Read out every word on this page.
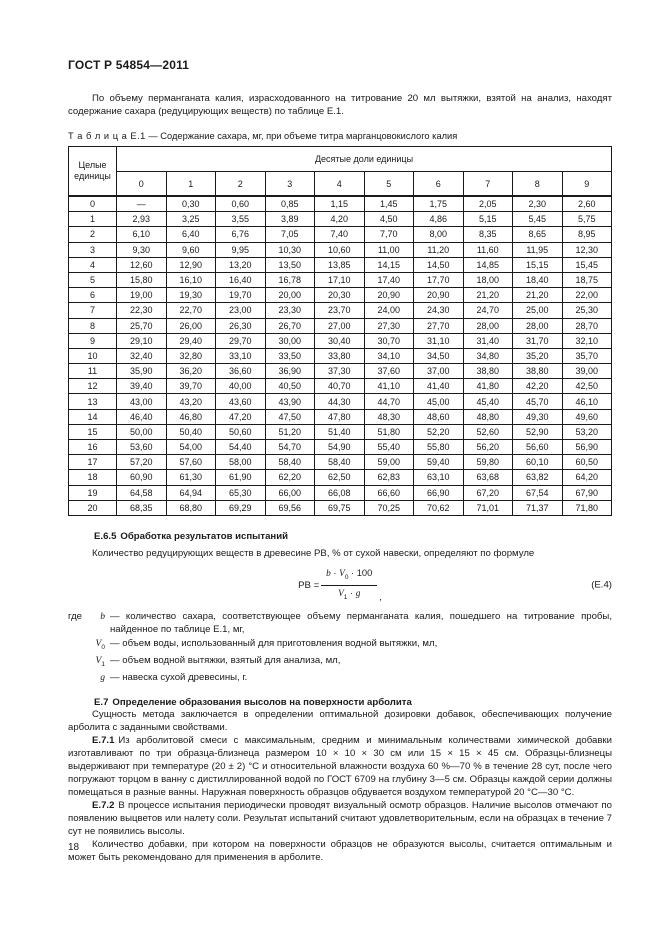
ГОСТ Р 54854—2011

По объему перманганата калия, израсходованного на титрование 20 мл вытяжки, взятой на анализ, находят содержание сахара (редуцирующих веществ) по таблице Е.1.

Т а б л и ц а Е.1 — Содержание сахара, мг, при объеме титра марганцовокислого калия

Целые единицы	Десятые доли единицы									
	0	1	2	3	4	5	6	7	8	9
0	—	0,30	0,60	0,85	1,15	1,45	1,75	2,05	2,30	2,60
1	2,93	3,25	3,55	3,89	4,20	4,50	4,86	5,15	5,45	5,75
2	6,10	6,40	6,76	7,05	7,40	7,70	8,00	8,35	8,65	8,95
3	9,30	9,60	9,95	10,30	10,60	11,00	11,20	11,60	11,95	12,30
4	12,60	12,90	13,20	13,50	13,85	14,15	14,50	14,85	15,15	15,45
5	15,80	16,10	16,40	16,78	17,10	17,40	17,70	18,00	18,40	18,75
6	19,00	19,30	19,70	20,00	20,30	20,90	20,90	21,20	21,20	22,00
7	22,30	22,70	23,00	23,30	23,70	24,00	24,30	24,70	25,00	25,30
8	25,70	26,00	26,30	26,70	27,00	27,30	27,70	28,00	28,00	28,70
9	29,10	29,40	29,70	30,00	30,40	30,70	31,10	31,40	31,70	32,10
10	32,40	32,80	33,10	33,50	33,80	34,10	34,50	34,80	35,20	35,70
11	35,90	36,20	36,60	36,90	37,30	37,60	37,00	38,80	38,80	39,00
12	39,40	39,70	40,00	40,50	40,70	41,10	41,40	41,80	42,20	42,50
13	43,00	43,20	43,60	43,90	44,30	44,70	45,00	45,40	45,70	46,10
14	46,40	46,80	47,20	47,50	47,80	48,30	48,60	48,80	49,30	49,60
15	50,00	50,40	50,60	51,20	51,40	51,80	52,20	52,60	52,90	53,20
16	53,60	54,00	54,40	54,70	54,90	55,40	55,80	56,20	56,60	56,90
17	57,20	57,60	58,00	58,40	58,40	59,00	59,40	59,80	60,10	60,50
18	60,90	61,30	61,90	62,20	62,50	62,83	63,10	63,68	63,82	64,20
19	64,58	64,94	65,30	66,00	66,08	66,60	66,90	67,20	67,54	67,90
20	68,35	68,80	69,29	69,56	69,75	70,25	70,62	71,01	71,37	71,80
Е.6.5 Обработка результатов испытаний

Количество редуцирующих веществ в древесине РВ, % от сухой навески, определяют по формуле

РВ
= $\frac{b \cdot V_0 \cdot 100}{V_1 \cdot g}$ ,
(Е.4)
где	b — количество сахара, соответствующее объему перманганата калия, пошедшего на титрование пробы, найденное по таблице Е.1, мг,
$V_0$ — объем воды, использованный для приготовления водной вытяжки, мл,
$V_1$ — объем водной вытяжки, взятый для анализа, мл,
g — навеска сухой древесины, г.
Е.7 Определение образования высолов на поверхности арболита

Сущность метода заключается в определении оптимальной дозировки добавок, обеспечивающих получение арболита с заданными свойствами.

Е.7.1 Из арболитовой смеси с максимальным, средним и минимальным количествами химической добавки изготавливают по три образца-близнеца размером 10 × 10 × 30 см или 15 × 15 × 45 см. Образцы-близнецы выдерживают при температуре (20 ± 2) °С и относительной влажности воздуха 60 %—70 % в течение 28 сут, после чего погружают торцом в ванну с дистиллированной водой по ГОСТ 6709 на глубину 3—5 см. Образцы каждой серии должны помещаться в разные ванны. Наружная поверхность образцов обдувается воздухом температурой 20 °С—30 °С.

Е.7.2 В процессе испытания периодически проводят визуальный осмотр образцов. Наличие высолов отмечают по появлению выцветов или налету соли. Результат испытаний считают удовлетворительным, если на образцах в течение 7 сут не появились высолы.

Количество добавки, при котором на поверхности образцов не образуются высолы, считается оптимальным и может быть рекомендовано для применения в арболите.

18
